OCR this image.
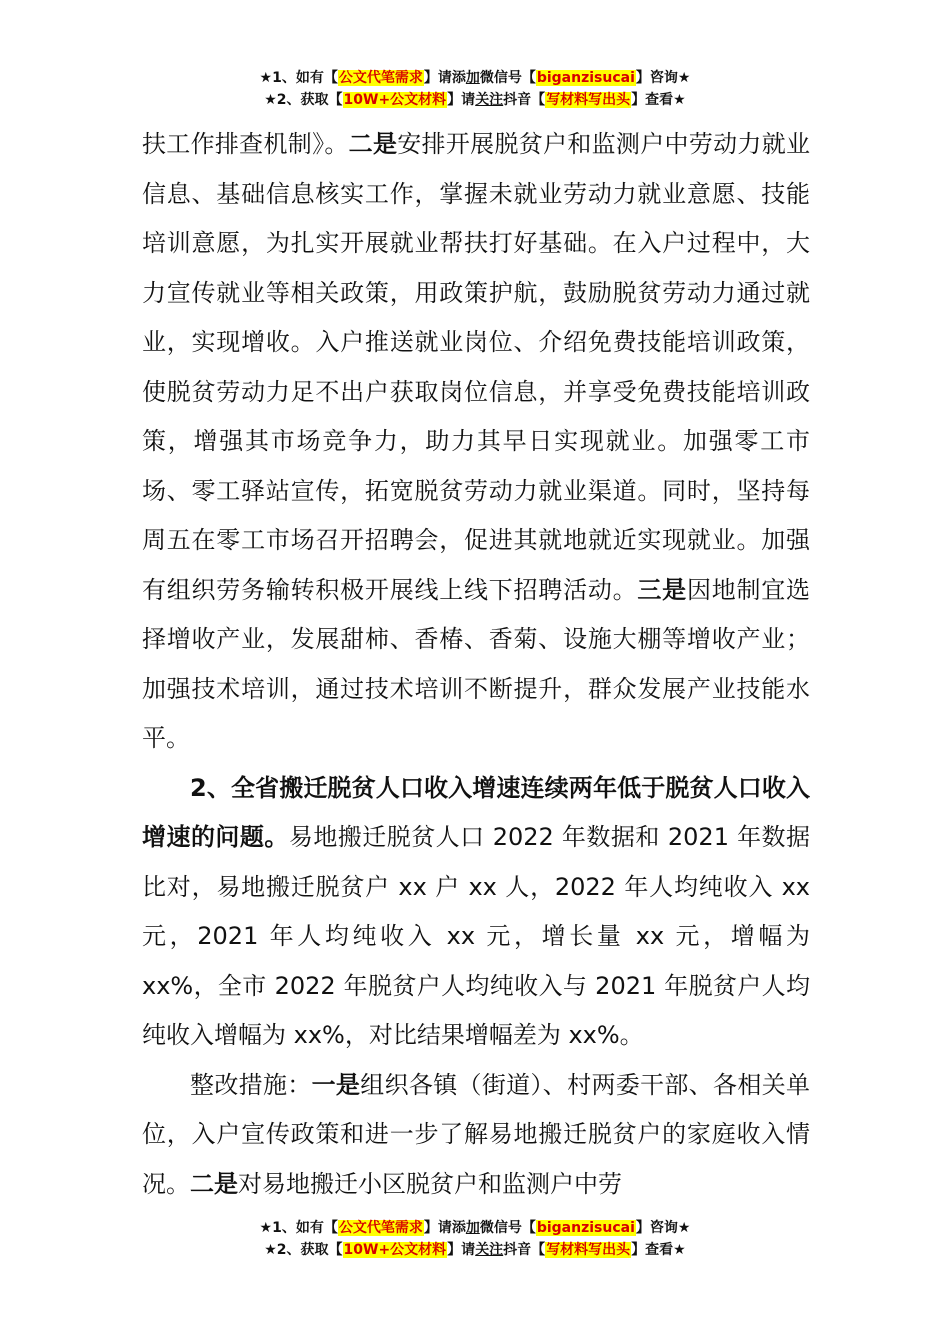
★1、如有【公文代笔需求】请添加微信号【biganzisucai】咨询★
★2、获取【10W+公文材料】请关注抖音【写材料写出头】查看★

扶工作排查机制》。二是安排开展脱贫户和监测户中劳动力就业信息、基础信息核实工作，掌握未就业劳动力就业意愿、技能培训意愿，为扎实开展就业帮扶打好基础。在入户过程中，大力宣传就业等相关政策，用政策护航，鼓励脱贫劳动力通过就业，实现增收。入户推送就业岗位、介绍免费技能培训政策，使脱贫劳动力足不出户获取岗位信息，并享受免费技能培训政策，增强其市场竞争力，助力其早日实现就业。加强零工市场、零工驿站宣传，拓宽脱贫劳动力就业渠道。同时，坚持每周五在零工市场召开招聘会，促进其就地就近实现就业。加强有组织劳务输转积极开展线上线下招聘活动。三是因地制宜选择增收产业，发展甜柿、香椿、香菊、设施大棚等增收产业；加强技术培训，通过技术培训不断提升，群众发展产业技能水平。

2、全省搬迁脱贫人口收入增速连续两年低于脱贫人口收入增速的问题。易地搬迁脱贫人口 2022 年数据和 2021 年数据比对，易地搬迁脱贫户 xx 户 xx 人，2022 年人均纯收入 xx 元，2021 年人均纯收入 xx 元，增长量 xx 元，增幅为 xx%，全市 2022 年脱贫户人均纯收入与 2021 年脱贫户人均纯收入增幅为 xx%，对比结果增幅差为 xx%。

整改措施：一是组织各镇（街道）、村两委干部、各相关单位，入户宣传政策和进一步了解易地搬迁脱贫户的家庭收入情况。二是对易地搬迁小区脱贫户和监测户中劳

★1、如有【公文代笔需求】请添加微信号【biganzisucai】咨询★
★2、获取【10W+公文材料】请关注抖音【写材料写出头】查看★
